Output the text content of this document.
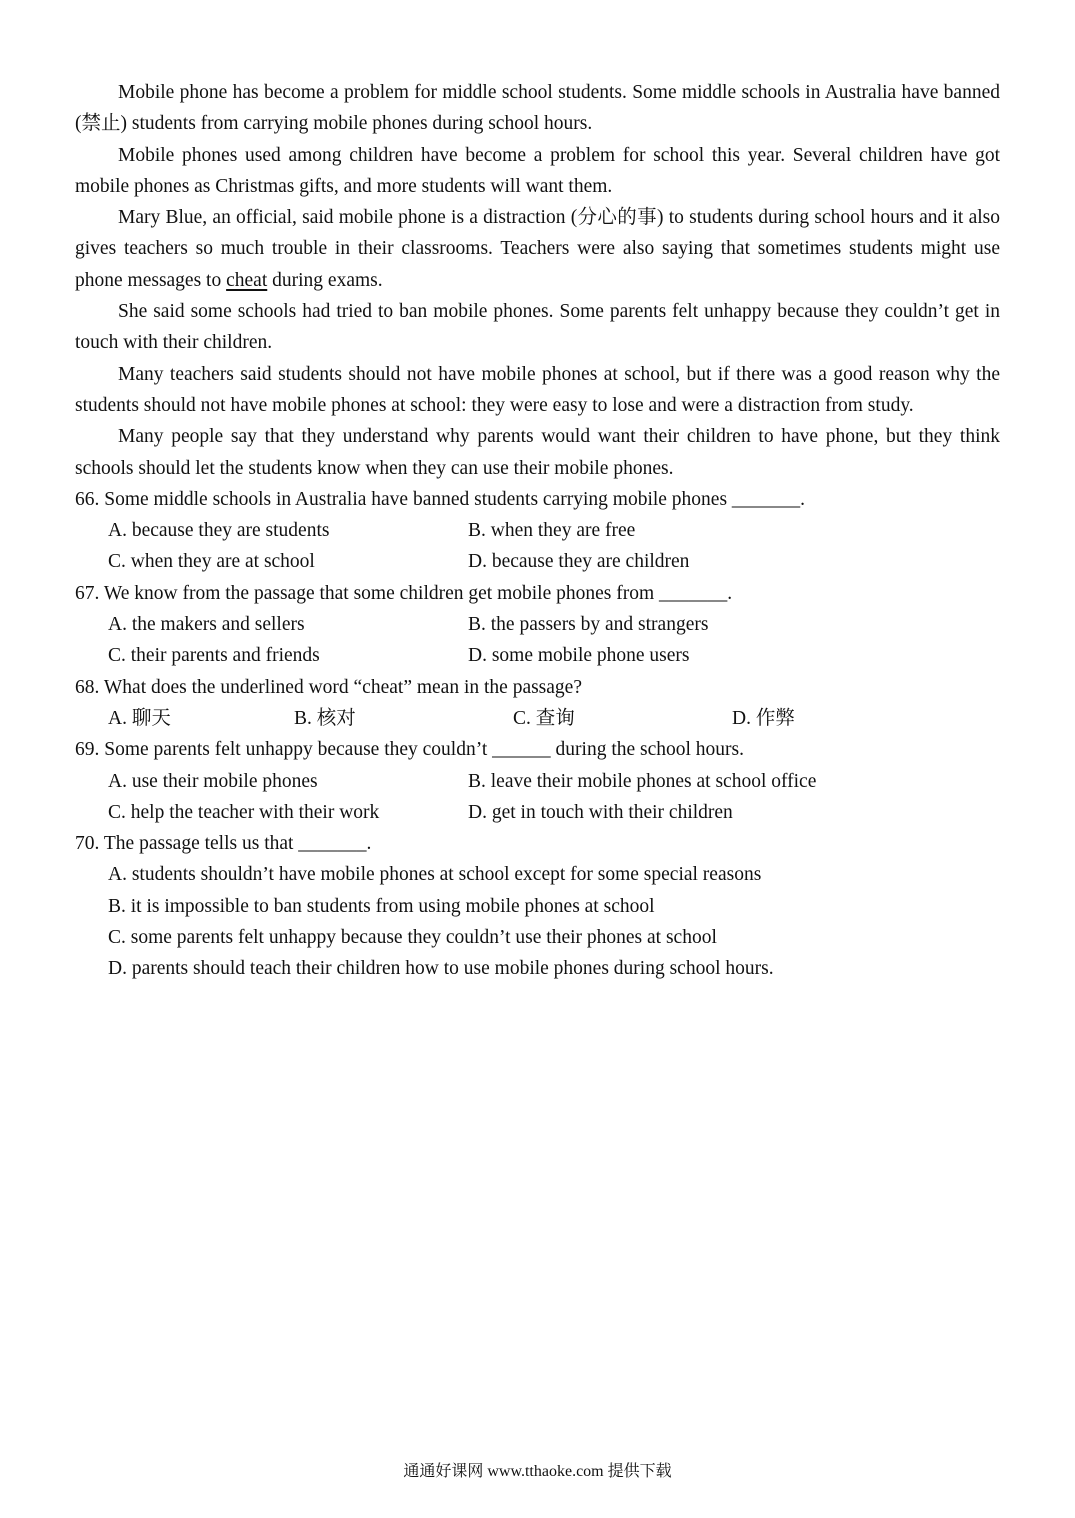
Mobile phone has become a problem for middle school students. Some middle schools in Australia have banned (禁止) students from carrying mobile phones during school hours.

Mobile phones used among children have become a problem for school this year. Several children have got mobile phones as Christmas gifts, and more students will want them.

Mary Blue, an official, said mobile phone is a distraction (分心的事) to students during school hours and it also gives teachers so much trouble in their classrooms. Teachers were also saying that sometimes students might use phone messages to cheat during exams.

She said some schools had tried to ban mobile phones. Some parents felt unhappy because they couldn’t get in touch with their children.

Many teachers said students should not have mobile phones at school, but if there was a good reason why the students should not have mobile phones at school: they were easy to lose and were a distraction from study.

Many people say that they understand why parents would want their children to have phone, but they think schools should let the students know when they can use their mobile phones.

66. Some middle schools in Australia have banned students carrying mobile phones _______.

A. because they are students	B. when they are free
C. when they are at school	D. because they are children

67. We know from the passage that some children get mobile phones from _______.

A. the makers and sellers	B. the passers by and strangers
C. their parents and friends	D. some mobile phone users

68. What does the underlined word “cheat” mean in the passage?

A. 聊天	B. 核对	C. 查询	D. 作弊

69. Some parents felt unhappy because they couldn’t ______ during the school hours.

A. use their mobile phones	B. leave their mobile phones at school office
C. help the teacher with their work	D. get in touch with their children

70. The passage tells us that _______.

A. students shouldn’t have mobile phones at school except for some special reasons
B. it is impossible to ban students from using mobile phones at school
C. some parents felt unhappy because they couldn’t use their phones at school
D. parents should teach their children how to use mobile phones during school hours.
通通好课网 www.tthaoke.com 提供下载
